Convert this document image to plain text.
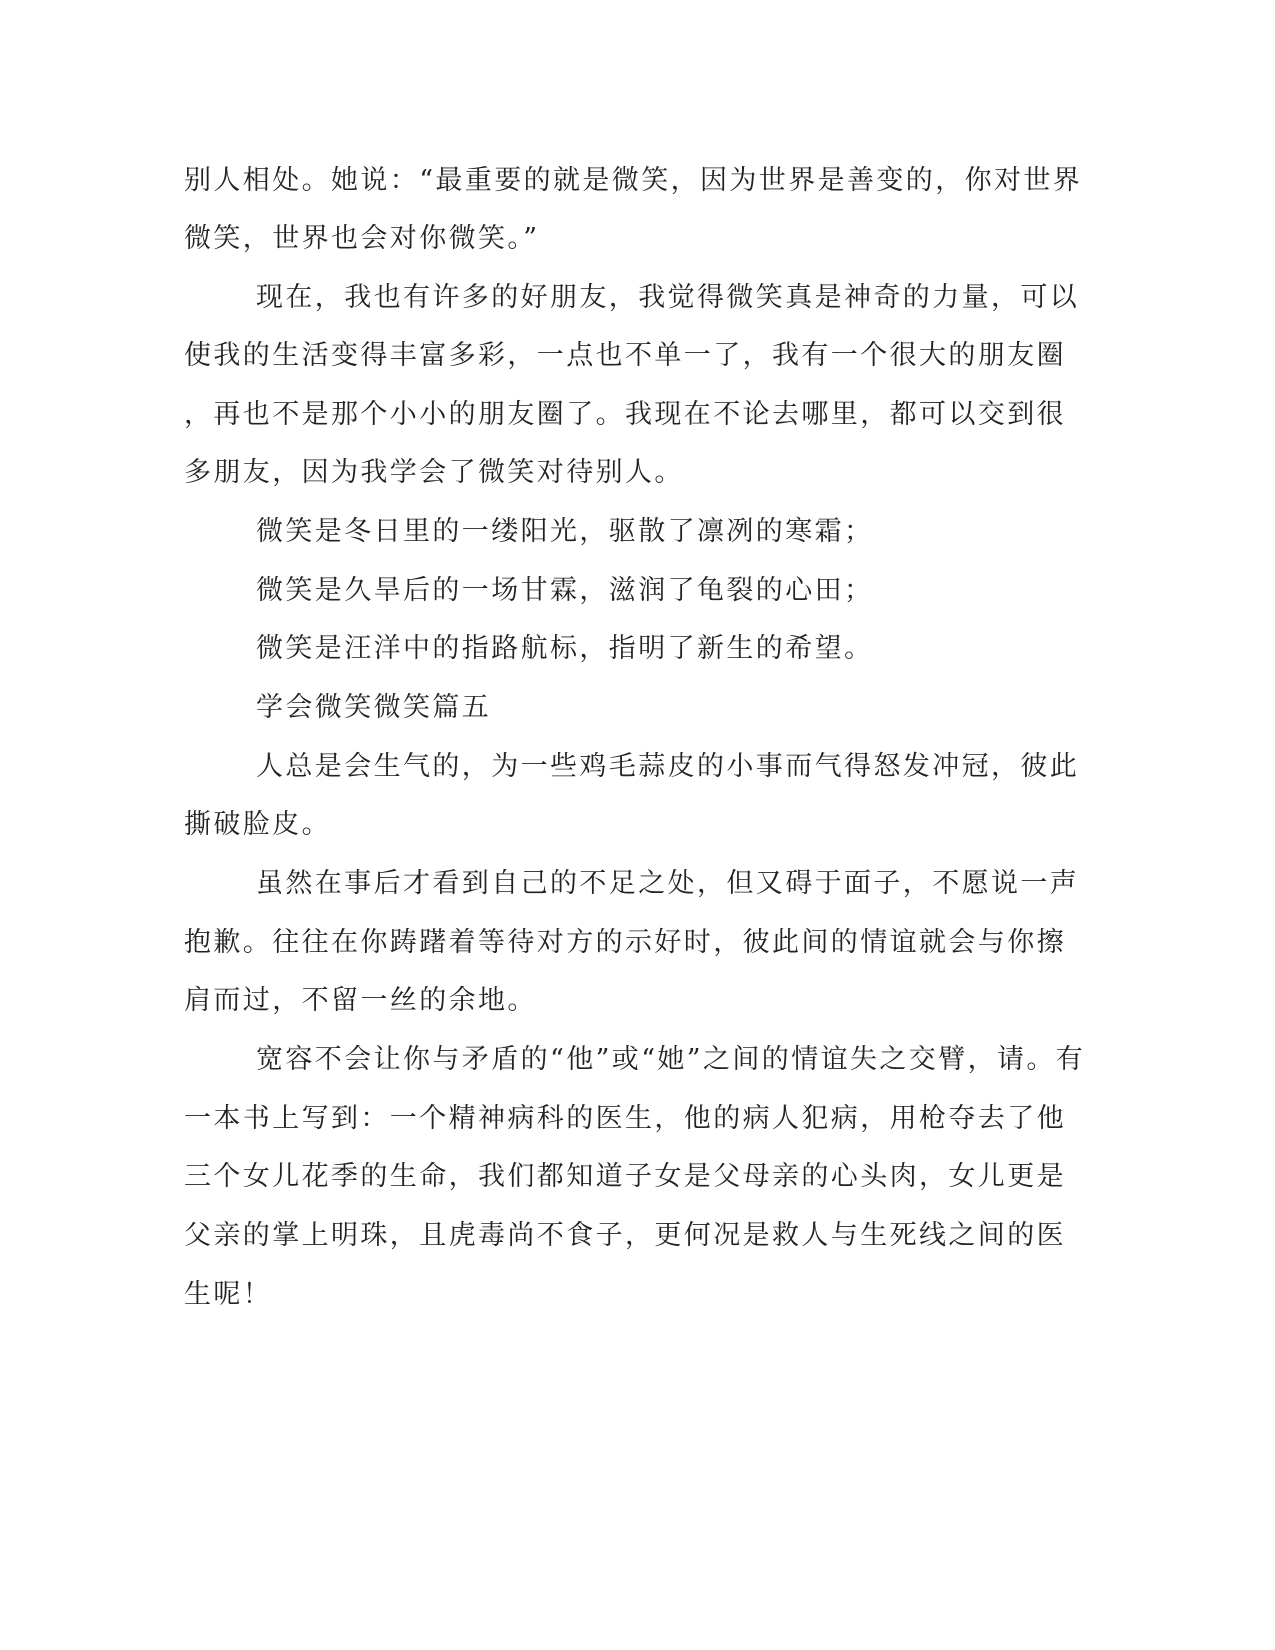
别人相处。她说：“最重要的就是微笑，因为世界是善变的，你对世界
微笑，世界也会对你微笑。”
现在，我也有许多的好朋友，我觉得微笑真是神奇的力量，可以
使我的生活变得丰富多彩，一点也不单一了，我有一个很大的朋友圈
，再也不是那个小小的朋友圈了。我现在不论去哪里，都可以交到很
多朋友，因为我学会了微笑对待别人。
微笑是冬日里的一缕阳光，驱散了凛冽的寒霜；
微笑是久旱后的一场甘霖，滋润了龟裂的心田；
微笑是汪洋中的指路航标，指明了新生的希望。
学会微笑微笑篇五
人总是会生气的，为一些鸡毛蒜皮的小事而气得怒发冲冠，彼此
撕破脸皮。
虽然在事后才看到自己的不足之处，但又碍于面子，不愿说一声
抱歉。往往在你踌躇着等待对方的示好时，彼此间的情谊就会与你擦
肩而过，不留一丝的余地。
宽容不会让你与矛盾的“他”或“她”之间的情谊失之交臂，请。有
一本书上写到：一个精神病科的医生，他的病人犯病，用枪夺去了他
三个女儿花季的生命，我们都知道子女是父母亲的心头肉，女儿更是
父亲的掌上明珠，且虎毒尚不食子，更何况是救人与生死线之间的医
生呢！
